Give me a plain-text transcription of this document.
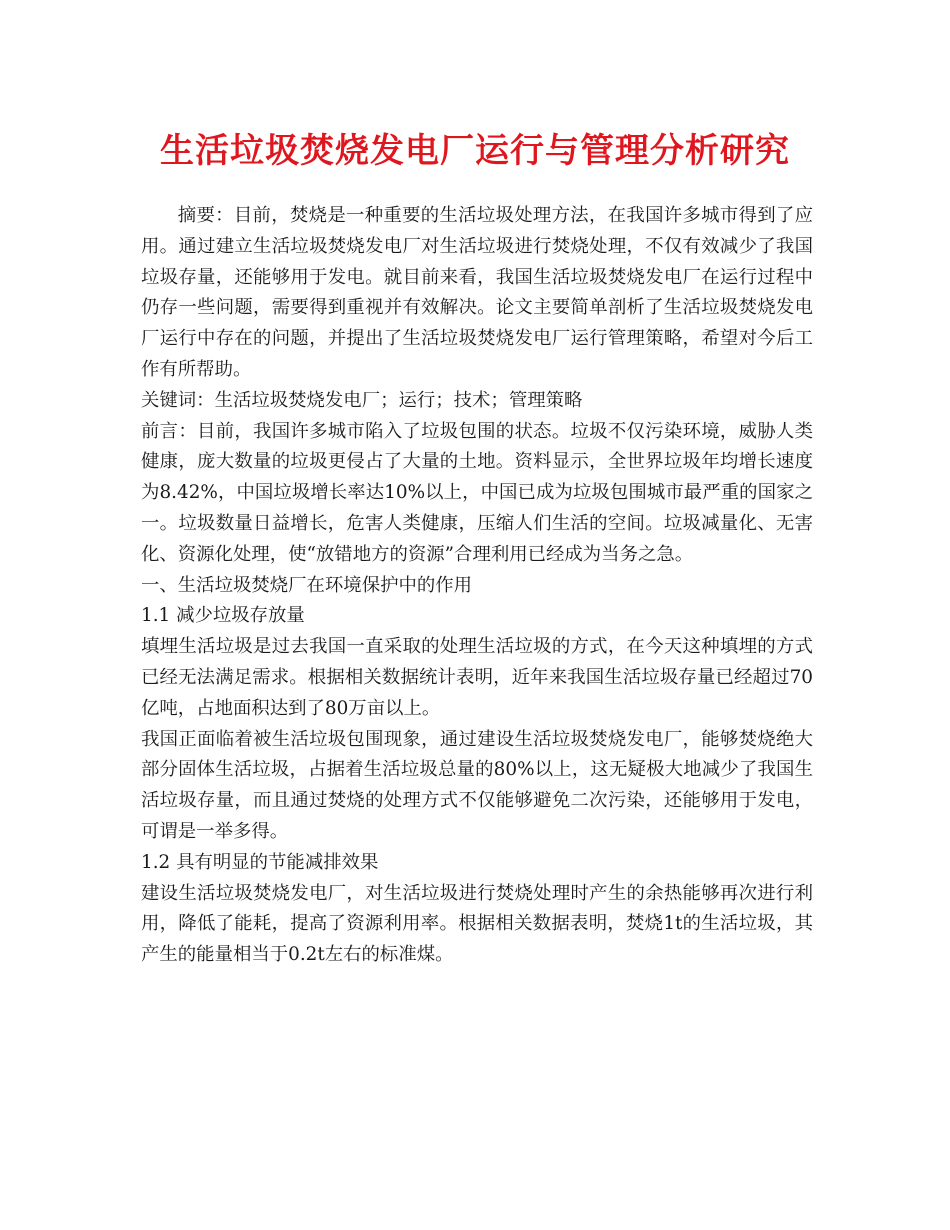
生活垃圾焚烧发电厂运行与管理分析研究

摘要：目前，焚烧是一种重要的生活垃圾处理方法，在我国许多城市得到了应用。通过建立生活垃圾焚烧发电厂对生活垃圾进行焚烧处理，不仅有效减少了我国垃圾存量，还能够用于发电。就目前来看，我国生活垃圾焚烧发电厂在运行过程中仍存一些问题，需要得到重视并有效解决。论文主要简单剖析了生活垃圾焚烧发电厂运行中存在的问题，并提出了生活垃圾焚烧发电厂运行管理策略，希望对今后工作有所帮助。

关键词：生活垃圾焚烧发电厂；运行；技术；管理策略

前言：目前，我国许多城市陷入了垃圾包围的状态。垃圾不仅污染环境，威胁人类健康，庞大数量的垃圾更侵占了大量的土地。资料显示，全世界垃圾年均增长速度为8.42%，中国垃圾增长率达10%以上，中国已成为垃圾包围城市最严重的国家之一。垃圾数量日益增长，危害人类健康，压缩人们生活的空间。垃圾减量化、无害化、资源化处理，使“放错地方的资源”合理利用已经成为当务之急。

一、生活垃圾焚烧厂在环境保护中的作用

1.1 减少垃圾存放量

填埋生活垃圾是过去我国一直采取的处理生活垃圾的方式，在今天这种填埋的方式已经无法满足需求。根据相关数据统计表明，近年来我国生活垃圾存量已经超过70亿吨，占地面积达到了80万亩以上。

我国正面临着被生活垃圾包围现象，通过建设生活垃圾焚烧发电厂，能够焚烧绝大部分固体生活垃圾，占据着生活垃圾总量的80%以上，这无疑极大地减少了我国生活垃圾存量，而且通过焚烧的处理方式不仅能够避免二次污染，还能够用于发电，可谓是一举多得。

1.2 具有明显的节能减排效果

建设生活垃圾焚烧发电厂，对生活垃圾进行焚烧处理时产生的余热能够再次进行利用，降低了能耗，提高了资源利用率。根据相关数据表明，焚烧1t的生活垃圾，其产生的能量相当于0.2t左右的标准煤。
